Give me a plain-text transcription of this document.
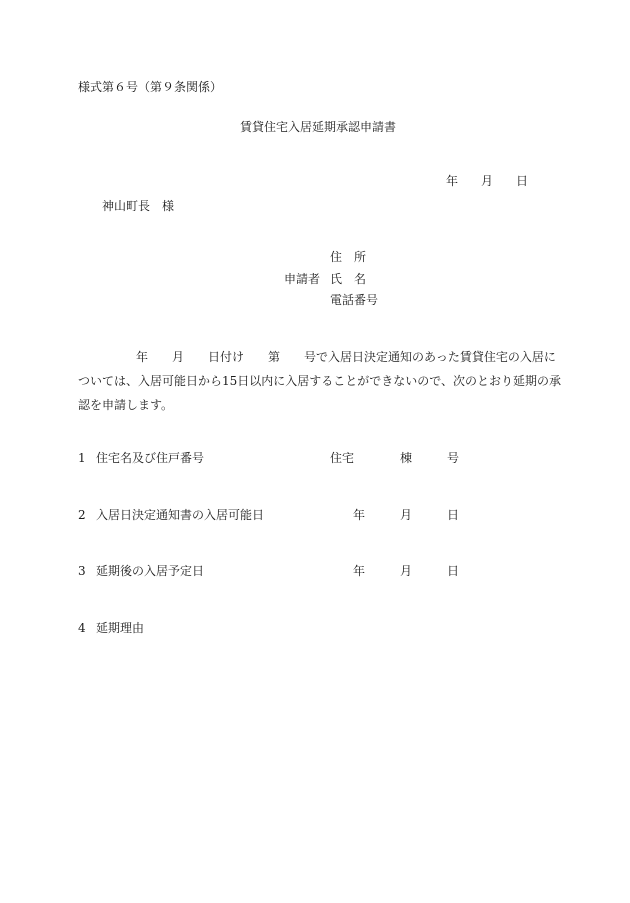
様式第６号（第９条関係）
賃貸住宅入居延期承認申請書
年 月 日
神山町長　様
住　所
申請者 氏　名
電話番号
年　　月　　日付け　　第　　号で入居日決定通知のあった賃貸住宅の入居に
ついては、入居可能日から15日以内に入居することができないので、次のとおり延期の承
認を申請します。
1 住宅名及び住戸番号	住宅	棟	号
2 入居日決定通知書の入居可能日	年	月	日
3 延期後の入居予定日	年	月	日
4 延期理由
